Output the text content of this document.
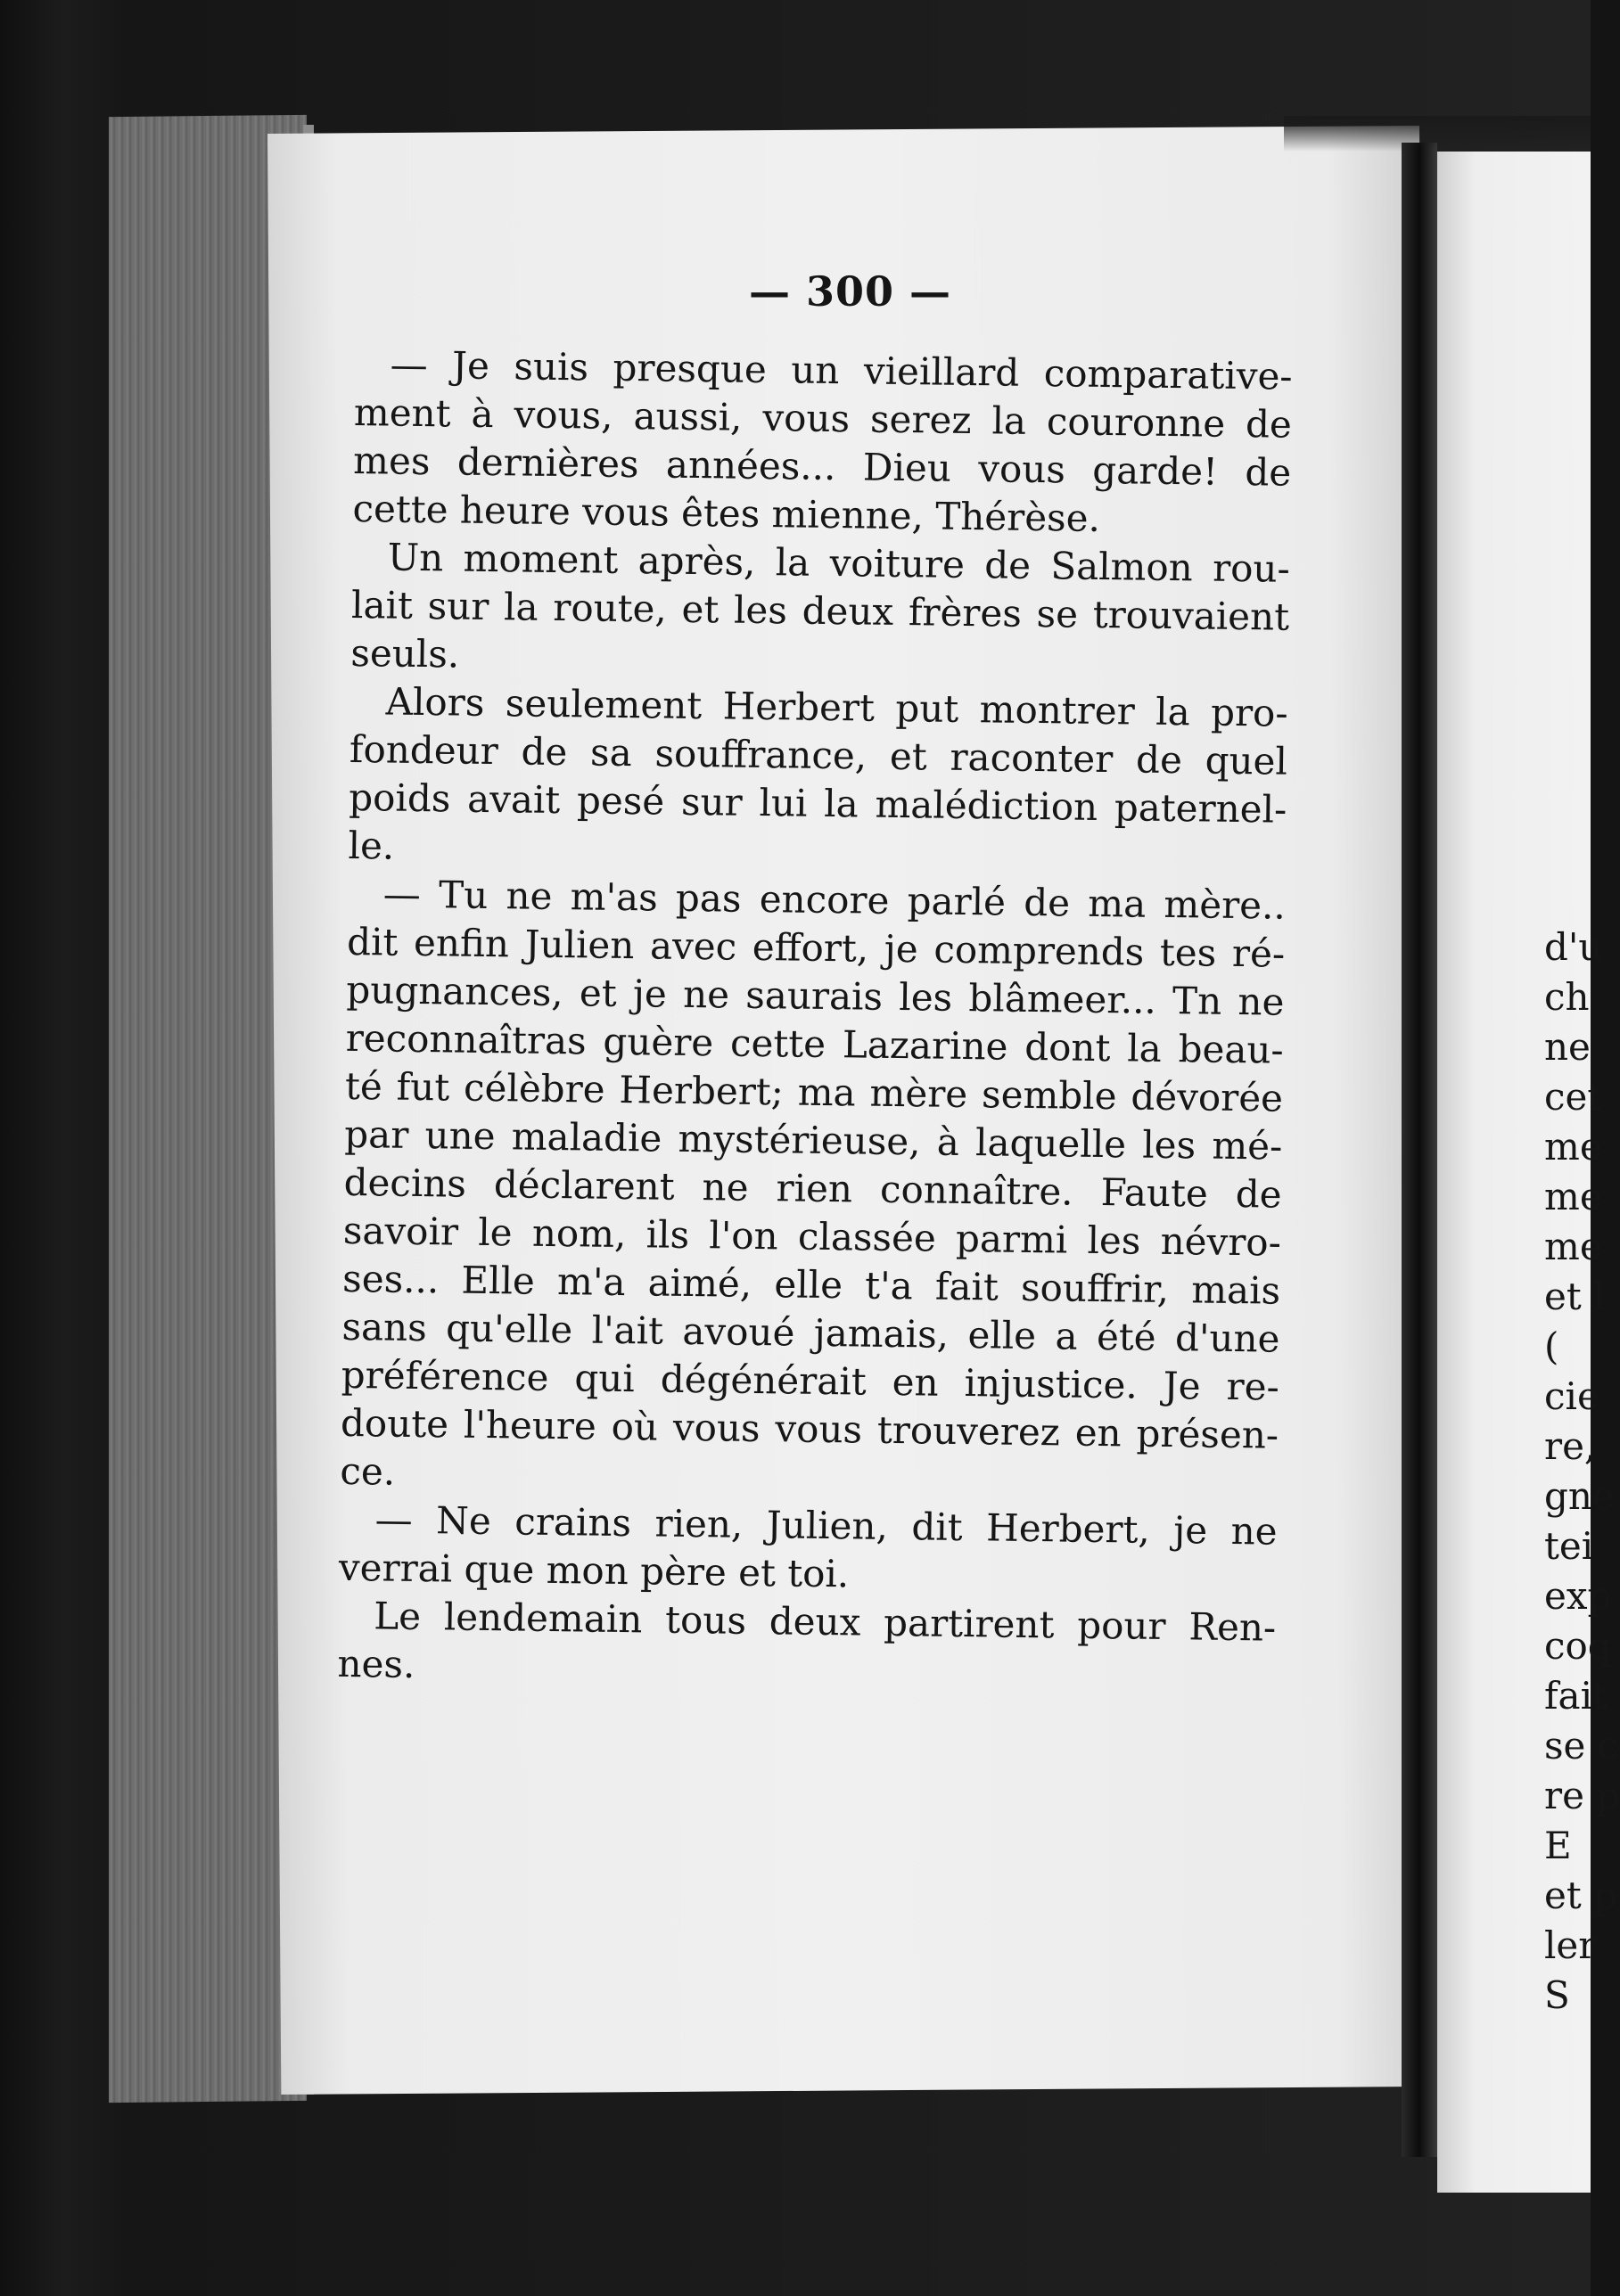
— 300 —
— Je suis presque un vieillard comparative-
ment à vous, aussi, vous serez la couronne de
mes dernières années... Dieu vous garde! de
cette heure vous êtes mienne, Thérèse.
Un moment après, la voiture de Salmon rou-
lait sur la route, et les deux frères se trouvaient
seuls.
Alors seulement Herbert put montrer la pro-
fondeur de sa souffrance, et raconter de quel
poids avait pesé sur lui la malédiction paternel-
le.
— Tu ne m'as pas encore parlé de ma mère..
dit enfin Julien avec effort, je comprends tes ré-
pugnances, et je ne saurais les blâmeer... Tn ne
reconnaîtras guère cette Lazarine dont la beau-
té fut célèbre Herbert; ma mère semble dévorée
par une maladie mystérieuse, à laquelle les mé-
decins déclarent ne rien connaître. Faute de
savoir le nom, ils l'on classée parmi les névro-
ses... Elle m'a aimé, elle t'a fait souffrir, mais
sans qu'elle l'ait avoué jamais, elle a été d'une
préférence qui dégénérait en injustice. Je re-
doute l'heure où vous vous trouverez en présen-
ce.
— Ne crains rien, Julien, dit Herbert, je ne
verrai que mon père et toi.
Le lendemain tous deux partirent pour Ren-
nes.
d'u
ch
ne
cet
me
me
me
et l
(
cie
re,
gne
tei
exp
coq
fait
se c
re p
E
et p
ler
S
